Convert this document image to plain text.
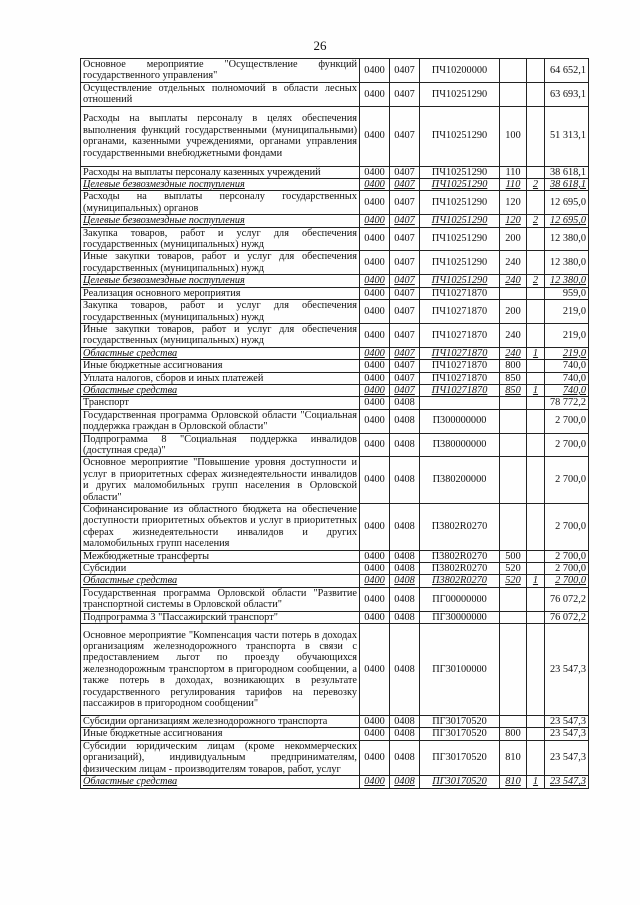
26
Основное мероприятие "Осуществление функций государственного управления"	0400	0407	ПЧ10200000			64 652,1
Осуществление отдельных полномочий в области лесных отношений	0400	0407	ПЧ10251290			63 693,1
Расходы на выплаты персоналу в целях обеспечения выполнения функций государственными (муниципальными) органами, казенными учреждениями, органами управления государственными внебюджетными фондами	0400	0407	ПЧ10251290	100		51 313,1
Расходы на выплаты персоналу казенных учреждений	0400	0407	ПЧ10251290	110		38 618,1
Целевые безвозмездные поступления	0400	0407	ПЧ10251290	110	2	38 618,1
Расходы на выплаты персоналу государственных (муниципальных) органов	0400	0407	ПЧ10251290	120		12 695,0
Целевые безвозмездные поступления	0400	0407	ПЧ10251290	120	2	12 695,0
Закупка товаров, работ и услуг для обеспечения государственных (муниципальных) нужд	0400	0407	ПЧ10251290	200		12 380,0
Иные закупки товаров, работ и услуг для обеспечения государственных (муниципальных) нужд	0400	0407	ПЧ10251290	240		12 380,0
Целевые безвозмездные поступления	0400	0407	ПЧ10251290	240	2	12 380,0
Реализация основного мероприятия	0400	0407	ПЧ10271870			959,0
Закупка товаров, работ и услуг для обеспечения государственных (муниципальных) нужд	0400	0407	ПЧ10271870	200		219,0
Иные закупки товаров, работ и услуг для обеспечения государственных (муниципальных) нужд	0400	0407	ПЧ10271870	240		219,0
Областные средства	0400	0407	ПЧ10271870	240	1	219,0
Иные бюджетные ассигнования	0400	0407	ПЧ10271870	800		740,0
Уплата налогов, сборов и иных платежей	0400	0407	ПЧ10271870	850		740,0
Областные средства	0400	0407	ПЧ10271870	850	1	740,0
Транспорт	0400	0408				78 772,2
Государственная программа Орловской области "Социальная поддержка граждан в Орловской области"	0400	0408	П300000000			2 700,0
Подпрограмма 8 "Социальная поддержка инвалидов (доступная среда)"	0400	0408	П380000000			2 700,0
Основное мероприятие "Повышение уровня доступности и услуг в приоритетных сферах жизнедеятельности инвалидов и других маломобильных групп населения в Орловской области"	0400	0408	П380200000			2 700,0
Софинансирование из областного бюджета на обеспечение доступности приоритетных объектов и услуг в приоритетных сферах жизнедеятельности инвалидов и других маломобильных групп населения	0400	0408	П3802R0270			2 700,0
Межбюджетные трансферты	0400	0408	П3802R0270	500		2 700,0
Субсидии	0400	0408	П3802R0270	520		2 700,0
Областные средства	0400	0408	П3802R0270	520	1	2 700,0
Государственная программа Орловской области "Развитие транспортной системы в Орловской области"	0400	0408	ПГ00000000			76 072,2
Подпрограмма 3 "Пассажирский транспорт"	0400	0408	ПГ30000000			76 072,2
Основное мероприятие "Компенсация части потерь в доходах организациям железнодорожного транспорта в связи с предоставлением льгот по проезду обучающихся железнодорожным транспортом в пригородном сообщении, а также потерь в доходах, возникающих в результате государственного регулирования тарифов на перевозку пассажиров в пригородном сообщении"	0400	0408	ПГ30100000			23 547,3
Субсидии организациям железнодорожного транспорта	0400	0408	ПГ30170520			23 547,3
Иные бюджетные ассигнования	0400	0408	ПГ30170520	800		23 547,3
Субсидии юридическим лицам (кроме некоммерческих организаций), индивидуальным предпринимателям, физическим лицам - производителям товаров, работ, услуг	0400	0408	ПГ30170520	810		23 547,3
Областные средства	0400	0408	ПГ30170520	810	1	23 547,3
